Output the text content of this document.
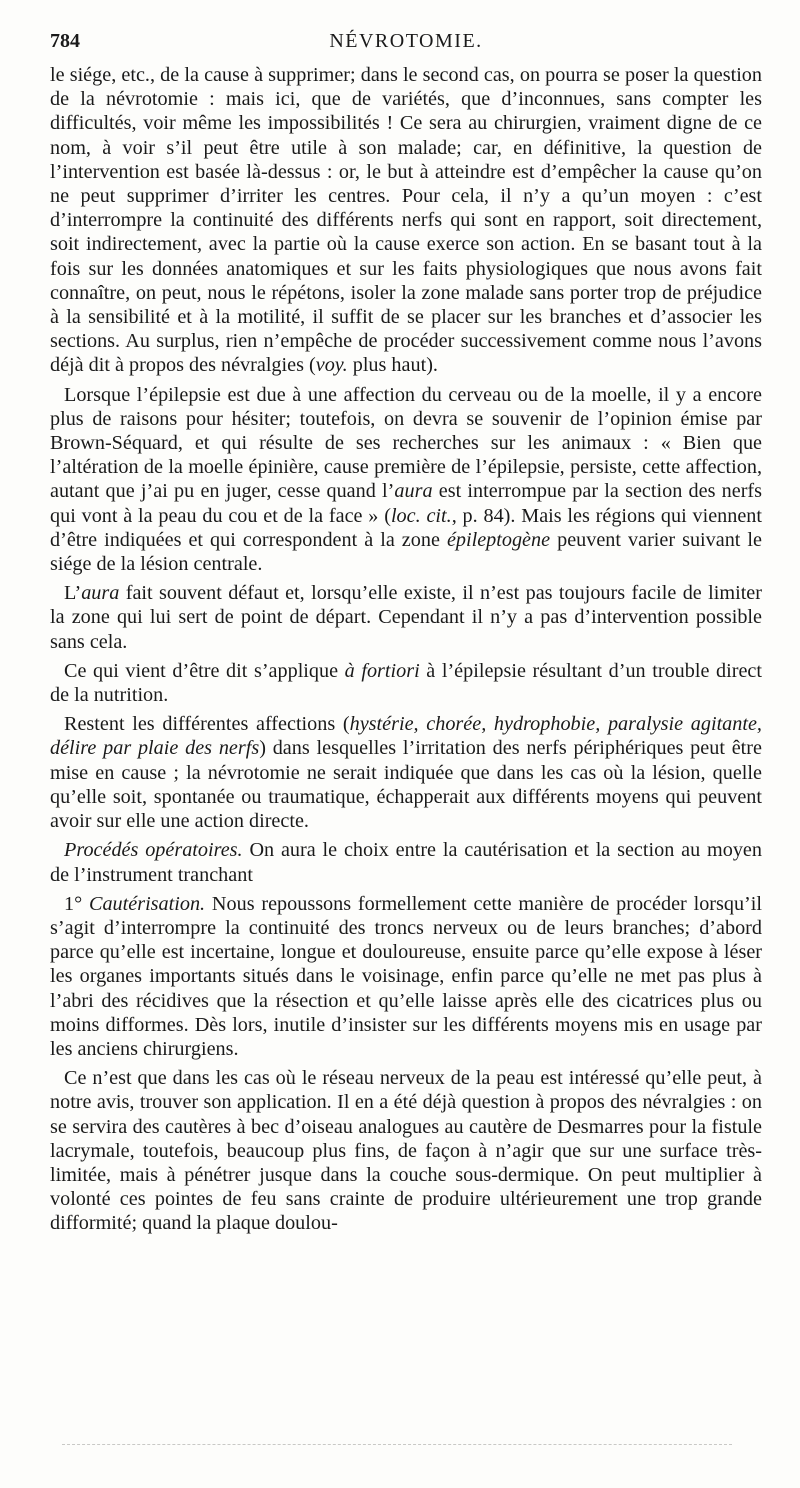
784	NÉVROTOMIE.

le siége, etc., de la cause à supprimer; dans le second cas, on pourra se poser la question de la névrotomie : mais ici, que de variétés, que d’inconnues, sans compter les difficultés, voir même les impossibilités ! Ce sera au chirurgien, vraiment digne de ce nom, à voir s’il peut être utile à son malade; car, en définitive, la question de l’intervention est basée là-dessus : or, le but à atteindre est d’empêcher la cause qu’on ne peut supprimer d’irriter les centres. Pour cela, il n’y a qu’un moyen : c’est d’interrompre la continuité des différents nerfs qui sont en rapport, soit directement, soit indirectement, avec la partie où la cause exerce son action. En se basant tout à la fois sur les données anatomiques et sur les faits physiologiques que nous avons fait connaître, on peut, nous le répétons, isoler la zone malade sans porter trop de préjudice à la sensibilité et à la motilité, il suffit de se placer sur les branches et d’associer les sections. Au surplus, rien n’empêche de procéder successivement comme nous l’avons déjà dit à propos des névralgies (voy. plus haut).

Lorsque l’épilepsie est due à une affection du cerveau ou de la moelle, il y a encore plus de raisons pour hésiter; toutefois, on devra se souvenir de l’opinion émise par Brown-Séquard, et qui résulte de ses recherches sur les animaux : « Bien que l’altération de la moelle épinière, cause première de l’épilepsie, persiste, cette affection, autant que j’ai pu en juger, cesse quand l’aura est interrompue par la section des nerfs qui vont à la peau du cou et de la face » (loc. cit., p. 84). Mais les régions qui viennent d’être indiquées et qui correspondent à la zone épileptogène peuvent varier suivant le siége de la lésion centrale.

L’aura fait souvent défaut et, lorsqu’elle existe, il n’est pas toujours facile de limiter la zone qui lui sert de point de départ. Cependant il n’y a pas d’intervention possible sans cela.

Ce qui vient d’être dit s’applique à fortiori à l’épilepsie résultant d’un trouble direct de la nutrition.

Restent les différentes affections (hystérie, chorée, hydrophobie, paralysie agitante, délire par plaie des nerfs) dans lesquelles l’irritation des nerfs périphériques peut être mise en cause ; la névrotomie ne serait indiquée que dans les cas où la lésion, quelle qu’elle soit, spontanée ou traumatique, échapperait aux différents moyens qui peuvent avoir sur elle une action directe.

Procédés opératoires. On aura le choix entre la cautérisation et la section au moyen de l’instrument tranchant

1° Cautérisation. Nous repoussons formellement cette manière de procéder lorsqu’il s’agit d’interrompre la continuité des troncs nerveux ou de leurs branches; d’abord parce qu’elle est incertaine, longue et douloureuse, ensuite parce qu’elle expose à léser les organes importants situés dans le voisinage, enfin parce qu’elle ne met pas plus à l’abri des récidives que la résection et qu’elle laisse après elle des cicatrices plus ou moins difformes. Dès lors, inutile d’insister sur les différents moyens mis en usage par les anciens chirurgiens.

Ce n’est que dans les cas où le réseau nerveux de la peau est intéressé qu’elle peut, à notre avis, trouver son application. Il en a été déjà question à propos des névralgies : on se servira des cautères à bec d’oiseau analogues au cautère de Desmarres pour la fistule lacrymale, toutefois, beaucoup plus fins, de façon à n’agir que sur une surface très-limitée, mais à pénétrer jusque dans la couche sous-dermique. On peut multiplier à volonté ces pointes de feu sans crainte de produire ultérieurement une trop grande difformité; quand la plaque doulou-
